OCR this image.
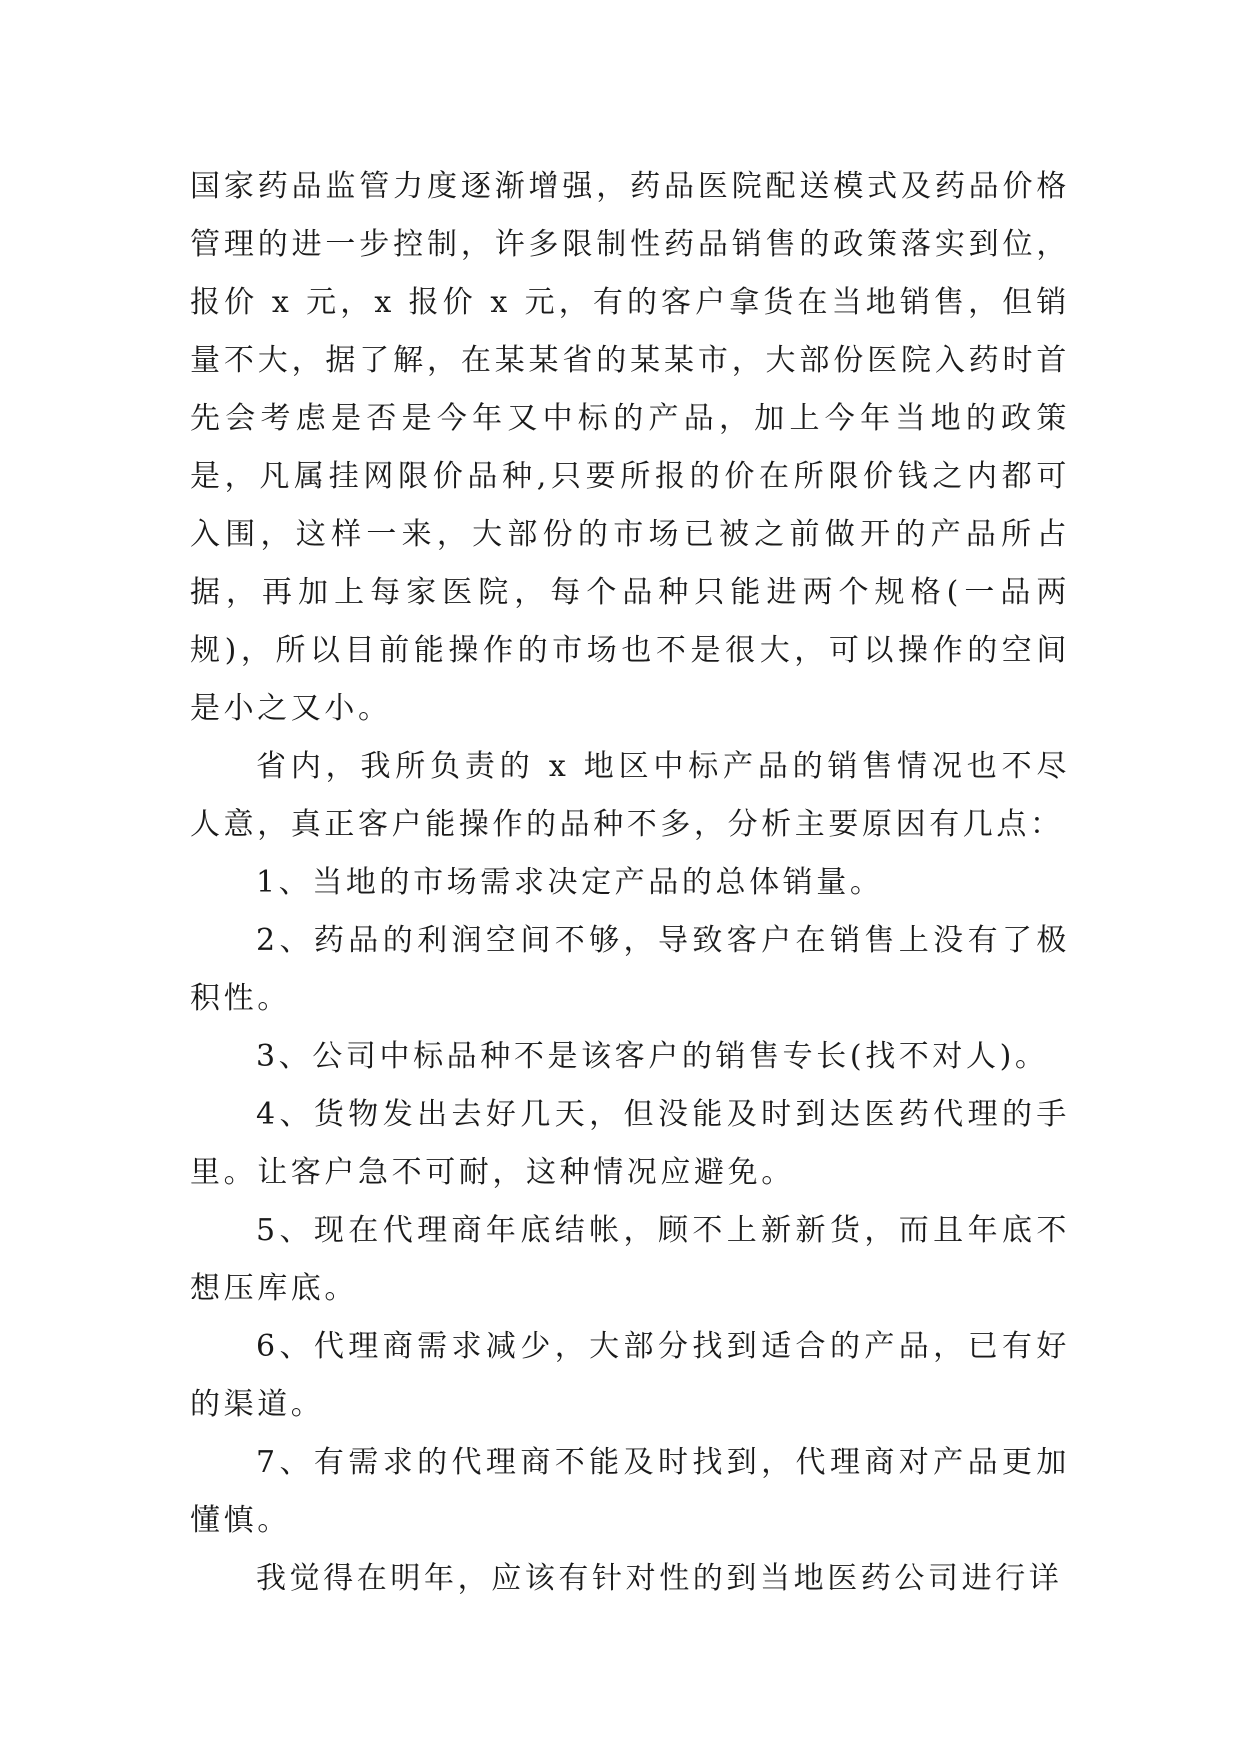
国家药品监管力度逐渐增强，药品医院配送模式及药品价格管理的进一步控制，许多限制性药品销售的政策落实到位，报价 x 元，x 报价 x 元，有的客户拿货在当地销售，但销量不大，据了解，在某某省的某某市，大部份医院入药时首先会考虑是否是今年又中标的产品，加上今年当地的政策是，凡属挂网限价品种,只要所报的价在所限价钱之内都可入围，这样一来，大部份的市场已被之前做开的产品所占据，再加上每家医院，每个品种只能进两个规格(一品两规)，所以目前能操作的市场也不是很大，可以操作的空间是小之又小。

省内，我所负责的 x 地区中标产品的销售情况也不尽人意，真正客户能操作的品种不多，分析主要原因有几点：

1、当地的市场需求决定产品的总体销量。

2、药品的利润空间不够，导致客户在销售上没有了极积性。

3、公司中标品种不是该客户的销售专长(找不对人)。

4、货物发出去好几天，但没能及时到达医药代理的手里。让客户急不可耐，这种情况应避免。

5、现在代理商年底结帐，顾不上新新货，而且年底不想压库底。

6、代理商需求减少，大部分找到适合的产品，已有好的渠道。

7、有需求的代理商不能及时找到，代理商对产品更加懂慎。

我觉得在明年，应该有针对性的到当地医药公司进行详
